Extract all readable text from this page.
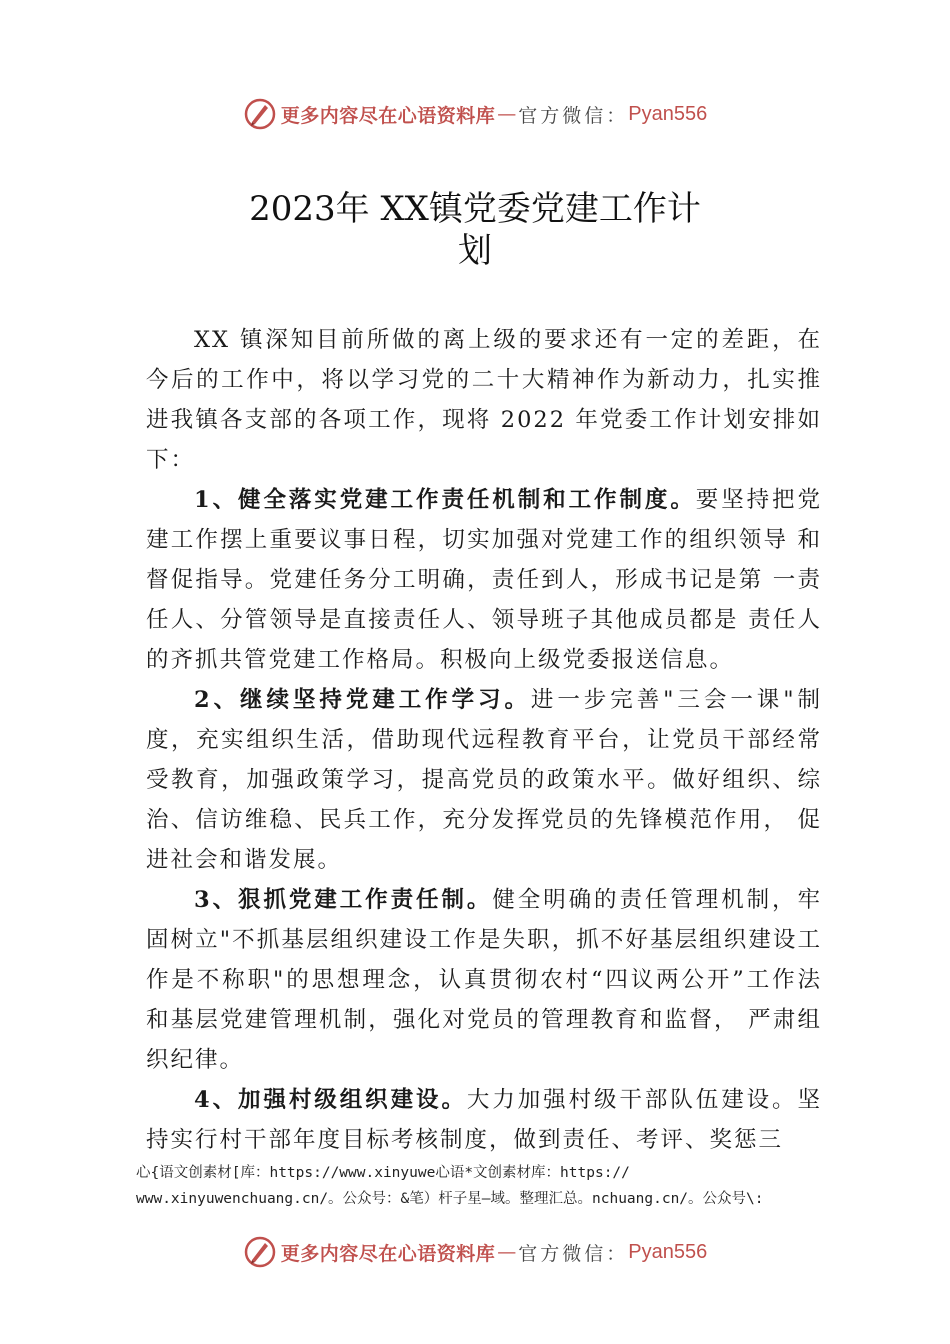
更多内容尽在心语资料库 — 官方微信： Pyan556
2023年 XX镇党委党建工作计
划

XX 镇深知目前所做的离上级的要求还有一定的差距，在今后的工作中，将以学习党的二十大精神作为新动力，扎实推进我镇各支部的各项工作，现将 2022 年党委工作计划安排如下：

1、健全落实党建工作责任机制和工作制度。要坚持把党建工作摆上重要议事日程，切实加强对党建工作的组织领导 和督促指导。党建任务分工明确，责任到人，形成书记是第 一责任人、分管领导是直接责任人、领导班子其他成员都是 责任人的齐抓共管党建工作格局。积极向上级党委报送信息。

2、继续坚持党建工作学习。进一步完善"三会一课"制度，充实组织生活，借助现代远程教育平台，让党员干部经常受教育，加强政策学习，提高党员的政策水平。做好组织、综治、信访维稳、民兵工作，充分发挥党员的先锋模范作用， 促进社会和谐发展。

3、狠抓党建工作责任制。健全明确的责任管理机制，牢固树立"不抓基层组织建设工作是失职，抓不好基层组织建设工作是不称职"的思想理念，认真贯彻农村“四议两公开”工作法和基层党建管理机制，强化对党员的管理教育和监督， 严肃组织纪律。

4、加强村级组织建设。大力加强村级干部队伍建设。坚持实行村干部年度目标考核制度，做到责任、考评、奖惩三

心{语文创素材[库：https://www.xinyuwe心语*文创素材库：https://
www.xinyuwenchuang.cn/。公众号：&笔）杆子星—域。整理汇总。nchuang.cn/。公众号\:
更多内容尽在心语资料库 — 官方微信： Pyan556
